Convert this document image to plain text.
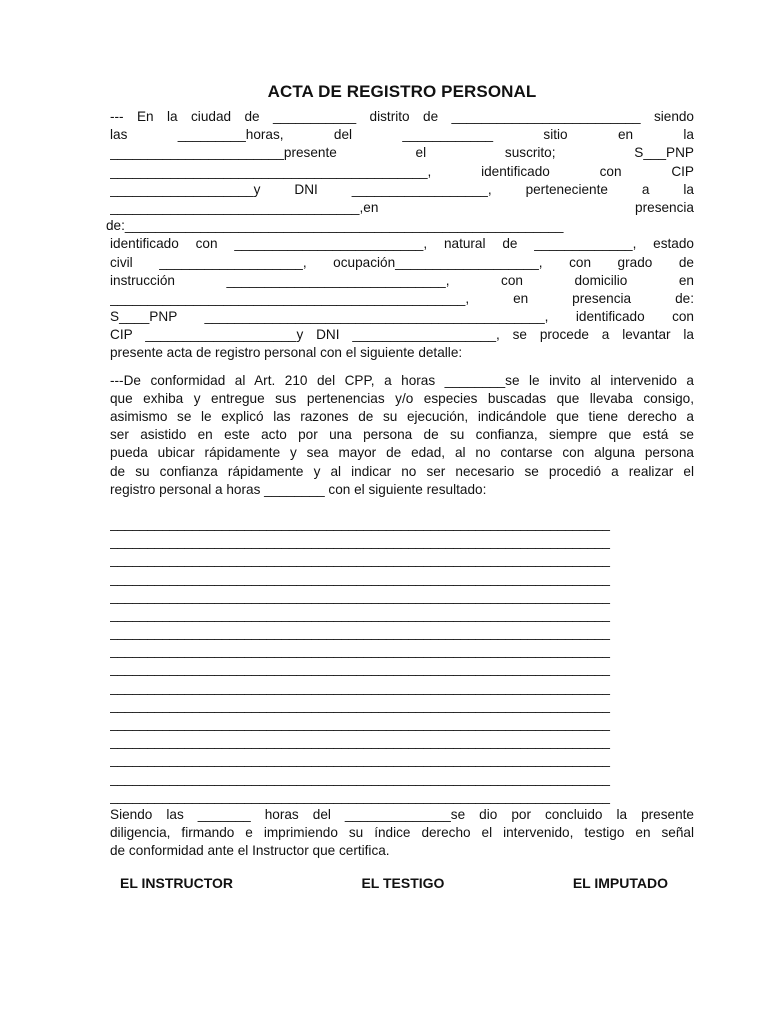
ACTA DE REGISTRO PERSONAL
--- En la ciudad de ___________ distrito de _________________________ siendo
las _________horas, del ____________ sitio en la
_______________________presente el suscrito; S___PNP
__________________________________________, identificado con CIP
___________________y DNI __________________, perteneciente a la
_________________________________,en presencia
de:__________________________________________________________
identificado con _________________________, natural de _____________, estado
civil ___________________, ocupación___________________, con grado de
instrucción _____________________________, con domicilio en
_______________________________________________, en presencia de:
S____PNP _____________________________________________, identificado con
CIP ____________________y DNI ___________________, se procede a levantar la
presente acta de registro personal con el siguiente detalle:
---De conformidad al Art. 210 del CPP, a horas ________se le invito al intervenido a
que exhiba y entregue sus pertenencias y/o especies buscadas que llevaba consigo,
asimismo se le explicó las razones de su ejecución, indicándole que tiene derecho a
ser asistido en este acto por una persona de su confianza, siempre que está se
pueda ubicar rápidamente y sea mayor de edad, al no contarse con alguna persona
de su confianza rápidamente y al indicar no ser necesario se procedió a realizar el
registro personal a horas ________ con el siguiente resultado:
___________________________________________________________________
___________________________________________________________________
___________________________________________________________________
___________________________________________________________________
___________________________________________________________________
___________________________________________________________________
___________________________________________________________________
___________________________________________________________________
___________________________________________________________________
___________________________________________________________________
___________________________________________________________________
___________________________________________________________________
___________________________________________________________________
___________________________________________________________________
___________________________________________________________________
___________________________________________________________________
Siendo las _______ horas del ______________se dio por concluido la presente
diligencia, firmando e imprimiendo su índice derecho el intervenido, testigo en señal
de conformidad ante el Instructor que certifica.
EL INSTRUCTOR	EL TESTIGO	EL IMPUTADO
